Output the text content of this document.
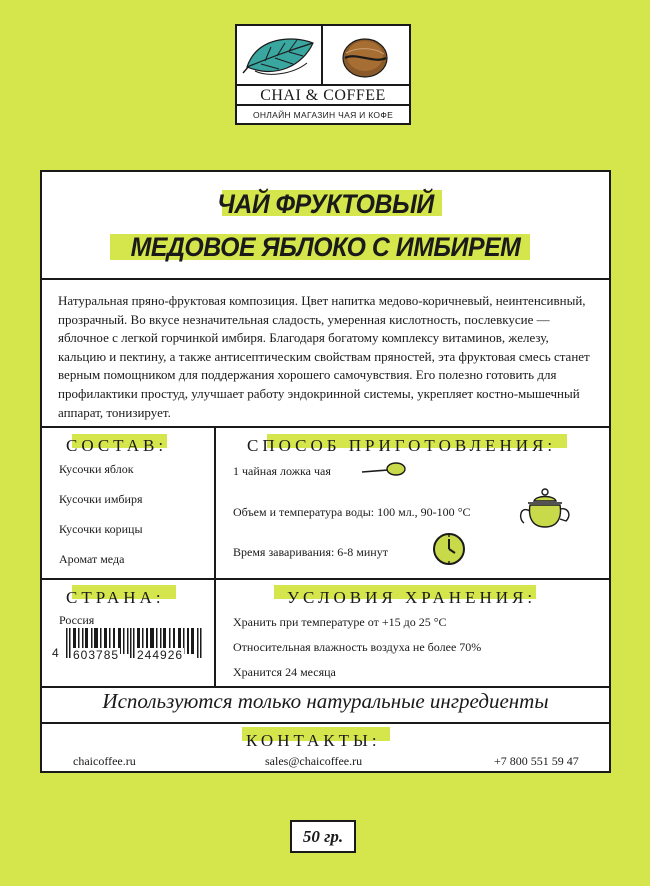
CHAI & COFFEE
ОНЛАЙН МАГАЗИН ЧАЯ И КОФЕ
ЧАЙ ФРУКТОВЫЙ
МЕДОВОЕ ЯБЛОКО С ИМБИРЕМ
Натуральная пряно-фруктовая композиция. Цвет напитка медово-коричневый, неинтенсивный, прозрачный. Во вкусе незначительная сладость, умеренная кислотность, послевкусие — яблочное с легкой горчинкой имбиря. Благодаря богатому комплексу витаминов, железу, кальцию и пектину, а также антисептическим свойствам пряностей, эта фруктовая смесь станет верным помощником для поддержания хорошего самочувствия. Его полезно готовить для профилактики простуд, улучшает работу эндокринной системы, укрепляет костно-мышечный аппарат, тонизирует.
СОСТАВ:
Кусочки яблок
Кусочки имбиря
Кусочки корицы
Аромат меда
СПОСОБ ПРИГОТОВЛЕНИЯ:
1 чайная ложка чая
Объем и температура воды: 100 мл., 90-100 °C
Время заваривания: 6-8 минут
СТРАНА:
Россия
4 603785 244926
УСЛОВИЯ ХРАНЕНИЯ:
Хранить при температуре от +15 до 25 °C
Относительная влажность воздуха не более 70%
Хранится 24 месяца
Используются только натуральные ингредиенты
КОНТАКТЫ:
chaicoffee.ru	sales@chaicoffee.ru	+7 800 551 59 47
50 гр.
